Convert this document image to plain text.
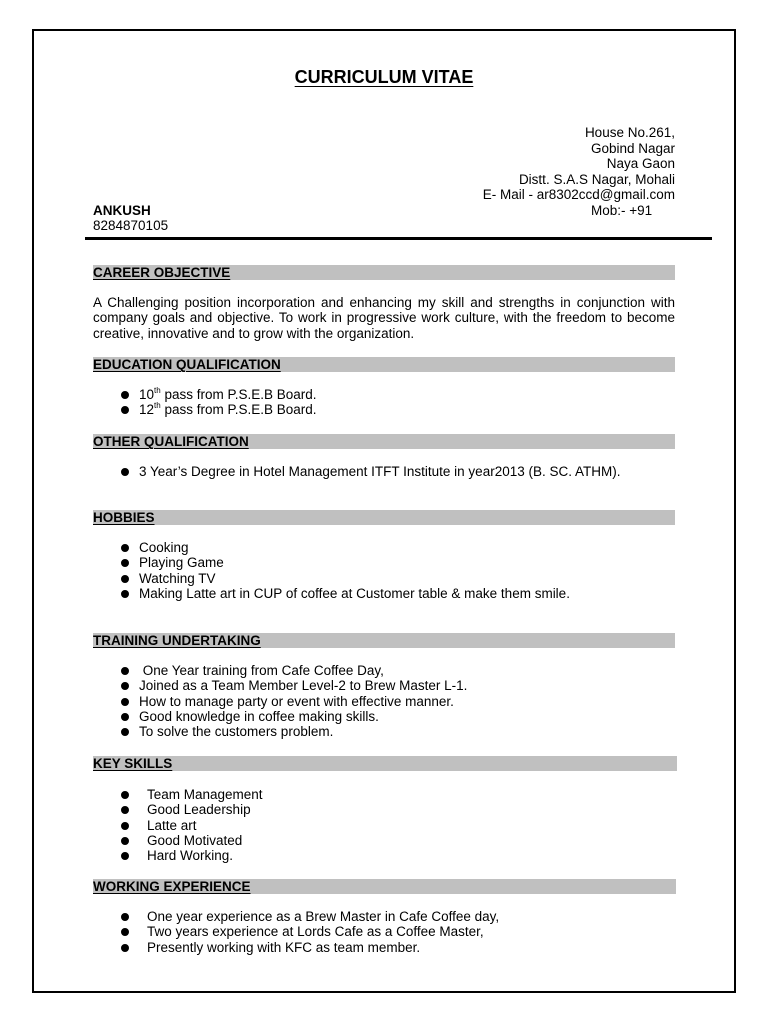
CURRICULUM VITAE
House No.261,
Gobind Nagar
Naya Gaon
Distt. S.A.S Nagar, Mohali
E- Mail - ar8302ccd@gmail.com
Mob:- +91
ANKUSH
8284870105
CAREER OBJECTIVE
A Challenging position incorporation and enhancing my skill and strengths in conjunction with company goals and objective. To work in progressive work culture, with the freedom to become creative, innovative and to grow with the organization.
EDUCATION QUALIFICATION
10th pass from P.S.E.B Board.
12th pass from P.S.E.B Board.
OTHER QUALIFICATION
3 Year’s Degree in Hotel Management ITFT Institute in year2013 (B. SC. ATHM).
HOBBIES
Cooking
Playing Game
Watching TV
Making Latte art in CUP of coffee at Customer table & make them smile.
TRAINING UNDERTAKING
One Year training from Cafe Coffee Day,
Joined as a Team Member Level-2 to Brew Master L-1.
How to manage party or event with effective manner.
Good knowledge in coffee making skills.
To solve the customers problem.
KEY SKILLS
Team Management
Good Leadership
Latte art
Good Motivated
Hard Working.
WORKING EXPERIENCE
One year experience as a Brew Master in Cafe Coffee day,
Two years experience at Lords Cafe as a Coffee Master,
Presently working with KFC as team member.
